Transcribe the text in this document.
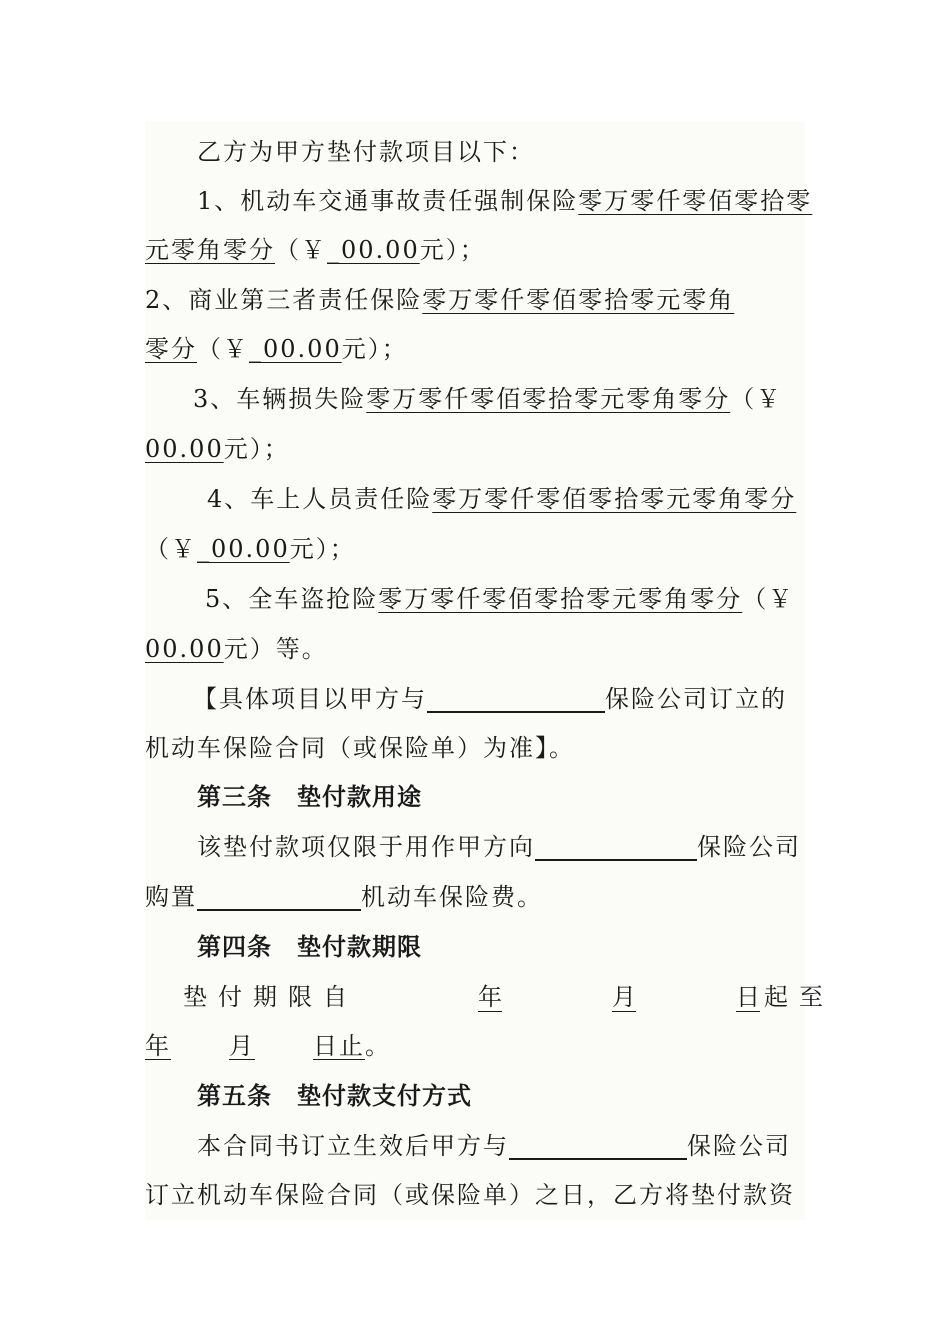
乙方为甲方垫付款项目以下：
1、机动车交通事故责任强制保险零万零仟零佰零拾零
元零角零分（￥_00.00元）；
2、商业第三者责任保险零万零仟零佰零拾零元零角
零分（￥_00.00元）；
3、车辆损失险零万零仟零佰零拾零元零角零分（￥
00.00元）；
4、车上人员责任险零万零仟零佰零拾零元零角零分
（￥_00.00元）；
5、全车盗抢险零万零仟零佰零拾零元零角零分（￥
00.00元）等。
【具体项目以甲方与	保险公司订立的
机动车保险合同（或保险单）为准】。
第三条　垫付款用途
该垫付款项仅限于用作甲方向	保险公司
购置	机动车保险费。
第四条　垫付款期限
垫付期限自	年	月	日 起至
年 月 日止。
第五条　垫付款支付方式
本合同书订立生效后甲方与	保险公司
订立机动车保险合同（或保险单）之日，乙方将垫付款资
